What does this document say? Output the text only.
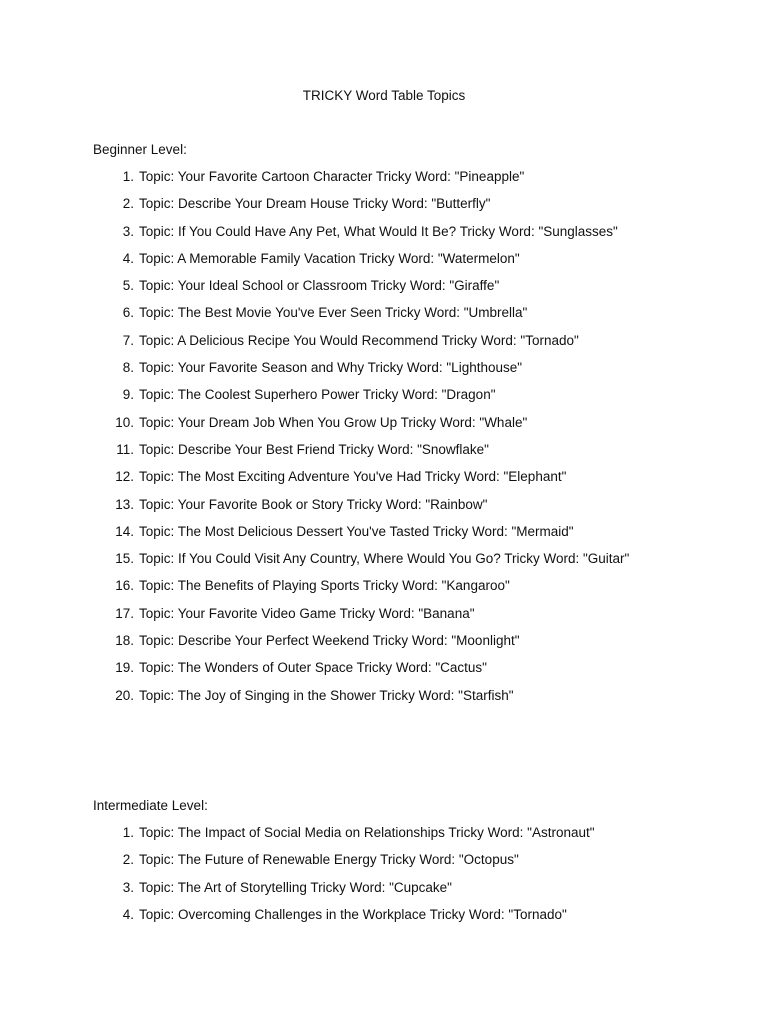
TRICKY Word Table Topics
Beginner Level:
1. Topic: Your Favorite Cartoon Character Tricky Word: "Pineapple"
2. Topic: Describe Your Dream House Tricky Word: "Butterfly"
3. Topic: If You Could Have Any Pet, What Would It Be? Tricky Word: "Sunglasses"
4. Topic: A Memorable Family Vacation Tricky Word: "Watermelon"
5. Topic: Your Ideal School or Classroom Tricky Word: "Giraffe"
6. Topic: The Best Movie You've Ever Seen Tricky Word: "Umbrella"
7. Topic: A Delicious Recipe You Would Recommend Tricky Word: "Tornado"
8. Topic: Your Favorite Season and Why Tricky Word: "Lighthouse"
9. Topic: The Coolest Superhero Power Tricky Word: "Dragon"
10. Topic: Your Dream Job When You Grow Up Tricky Word: "Whale"
11. Topic: Describe Your Best Friend Tricky Word: "Snowflake"
12. Topic: The Most Exciting Adventure You've Had Tricky Word: "Elephant"
13. Topic: Your Favorite Book or Story Tricky Word: "Rainbow"
14. Topic: The Most Delicious Dessert You've Tasted Tricky Word: "Mermaid"
15. Topic: If You Could Visit Any Country, Where Would You Go? Tricky Word: "Guitar"
16. Topic: The Benefits of Playing Sports Tricky Word: "Kangaroo"
17. Topic: Your Favorite Video Game Tricky Word: "Banana"
18. Topic: Describe Your Perfect Weekend Tricky Word: "Moonlight"
19. Topic: The Wonders of Outer Space Tricky Word: "Cactus"
20. Topic: The Joy of Singing in the Shower Tricky Word: "Starfish"
Intermediate Level:
1. Topic: The Impact of Social Media on Relationships Tricky Word: "Astronaut"
2. Topic: The Future of Renewable Energy Tricky Word: "Octopus"
3. Topic: The Art of Storytelling Tricky Word: "Cupcake"
4. Topic: Overcoming Challenges in the Workplace Tricky Word: "Tornado"
